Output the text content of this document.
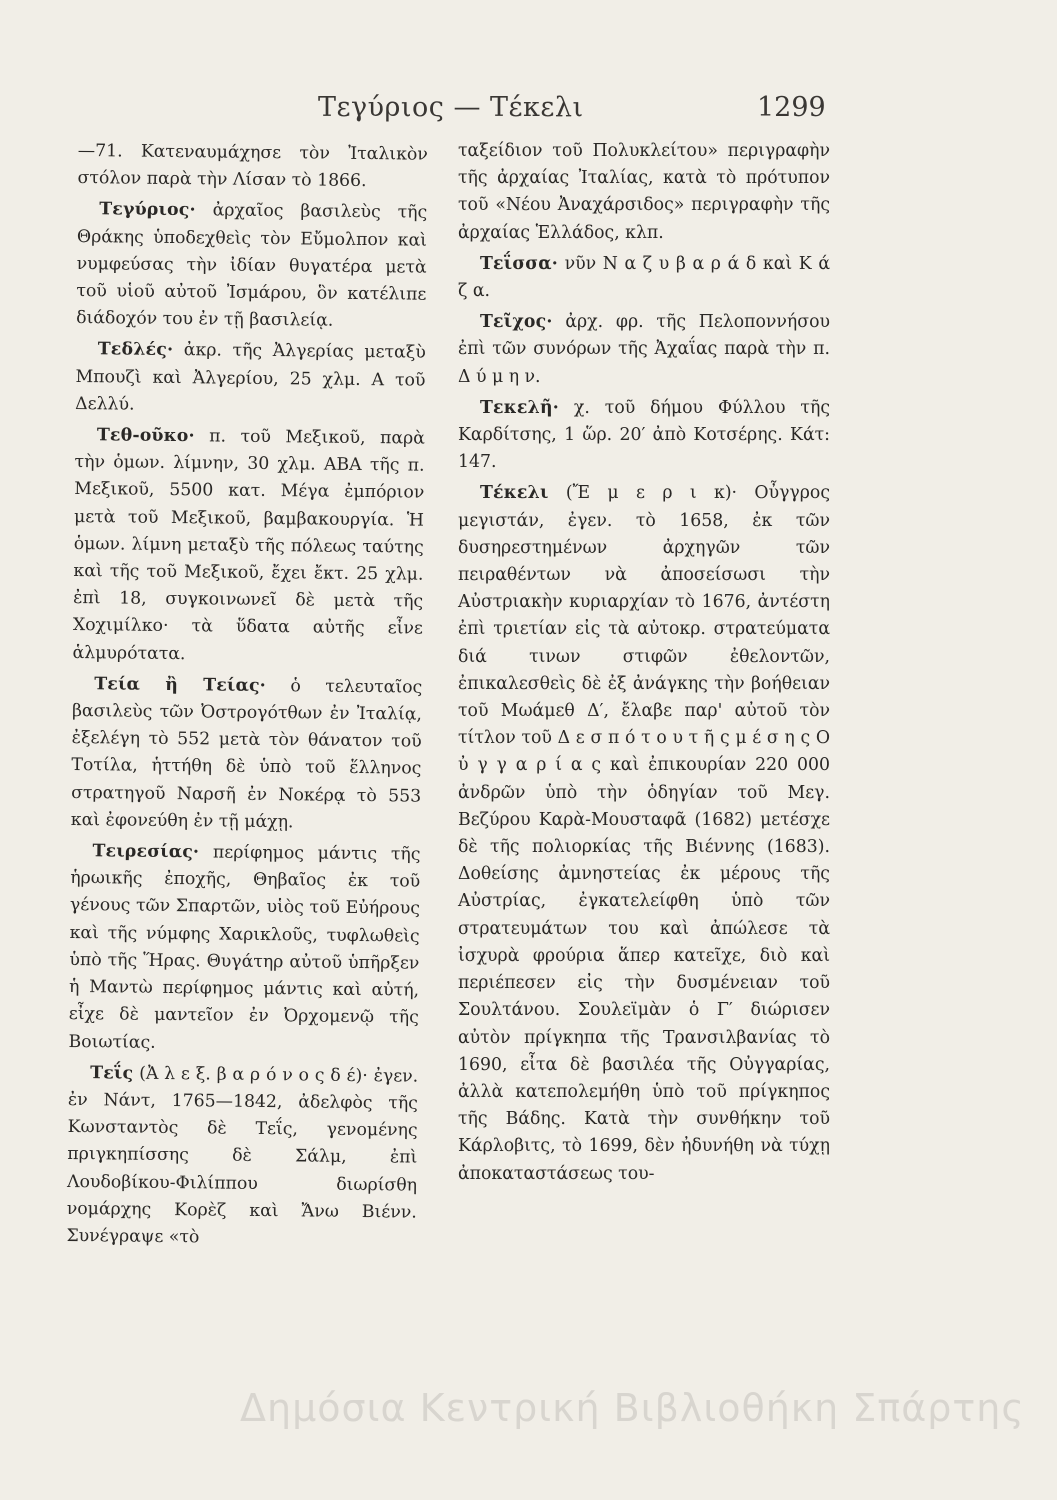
Τεγύριος — Τέκελι	1299

—71. Κατεναυμάχησε τὸν Ἰταλικὸν στόλον παρὰ τὴν Λίσαν τὸ 1866.

Τεγύριος· ἀρχαῖος βασιλεὺς τῆς Θράκης ὑποδεχθεὶς τὸν Εὔμολπον καὶ νυμφεύσας τὴν ἰδίαν θυγατέρα μετὰ τοῦ υἱοῦ αὐτοῦ Ἰσμάρου, ὃν κατέλιπε διάδοχόν του ἐν τῇ βασιλείᾳ.

Τεδλές· ἀκρ. τῆς Ἀλγερίας μεταξὺ Μπουζὶ καὶ Ἀλγερίου, 25 χλμ. Α τοῦ Δελλύ.

Τεθ-οῦκο· π. τοῦ Μεξικοῦ, παρὰ τὴν ὁμων. λίμνην, 30 χλμ. ΑΒΑ τῆς π. Μεξικοῦ, 5500 κατ. Μέγα ἐμπόριον μετὰ τοῦ Μεξικοῦ, βαμβακουργία. Ἡ ὁμων. λίμνη μεταξὺ τῆς πόλεως ταύτης καὶ τῆς τοῦ Μεξικοῦ, ἔχει ἔκτ. 25 χλμ. ἐπὶ 18, συγκοινωνεῖ δὲ μετὰ τῆς Χοχιμίλκο· τὰ ὕδατα αὐτῆς εἶνε ἁλμυρότατα.

Τεία ἢ Τείας· ὁ τελευταῖος βασιλεὺς τῶν Ὀστρογότθων ἐν Ἰταλίᾳ, ἐξελέγη τὸ 552 μετὰ τὸν θάνατον τοῦ Τοτίλα, ἡττήθη δὲ ὑπὸ τοῦ ἕλληνος στρατηγοῦ Ναρσῆ ἐν Νοκέρᾳ τὸ 553 καὶ ἐφονεύθη ἐν τῇ μάχῃ.

Τειρεσίας· περίφημος μάντις τῆς ἡρωικῆς ἐποχῆς, Θηβαῖος ἐκ τοῦ γένους τῶν Σπαρτῶν, υἱὸς τοῦ Εὐήρους καὶ τῆς νύμφης Χαρικλοῦς, τυφλωθεὶς ὑπὸ τῆς Ἥρας. Θυγάτηρ αὐτοῦ ὑπῆρξεν ἡ Μαντὼ περίφημος μάντις καὶ αὐτή, εἶχε δὲ μαντεῖον ἐν Ὀρχομενῷ τῆς Βοιωτίας.

Τεΐς (Ἀ λ ε ξ. β α ρ ό ν ο ς δ έ)· ἐγεν. ἐν Νάντ, 1765—1842, ἀδελφὸς τῆς Κωνσταντὸς δὲ Τεΐς, γενομένης πριγκηπίσσης δὲ Σάλμ, ἐπὶ Λουδοβίκου-Φιλίππου διωρίσθη νομάρχης Κορὲζ καὶ Ἄνω Βιένν. Συνέγραψε «τὸ

ταξείδιον τοῦ Πολυκλείτου» περιγραφὴν τῆς ἀρχαίας Ἰταλίας, κατὰ τὸ πρότυπον τοῦ «Νέου Ἀναχάρσιδος» περιγραφὴν τῆς ἀρχαίας Ἑλλάδος, κλπ.

Τεΐσσα· νῦν Ν α ζ υ β α ρ ά δ καὶ Κ ά ζ α.

Τεῖχος· ἀρχ. φρ. τῆς Πελοποννήσου ἐπὶ τῶν συνόρων τῆς Ἀχαΐας παρὰ τὴν π. Δ ύ μ η ν.

Τεκελῆ· χ. τοῦ δήμου Φύλλου τῆς Καρδίτσης, 1 ὥρ. 20′ ἀπὸ Κοτσέρης. Κάτ: 147.

Τέκελι (Ἔ μ ε ρ ι κ)· Οὖγγρος μεγιστάν, ἐγεν. τὸ 1658, ἐκ τῶν δυσηρεστημένων ἀρχηγῶν τῶν πειραθέντων νὰ ἀποσείσωσι τὴν Αὐστριακὴν κυριαρχίαν τὸ 1676, ἀντέστη ἐπὶ τριετίαν εἰς τὰ αὐτοκρ. στρατεύματα διά τινων στιφῶν ἐθελοντῶν, ἐπικαλεσθεὶς δὲ ἐξ ἀνάγκης τὴν βοήθειαν τοῦ Μωάμεθ Δ′, ἔλαβε παρ' αὐτοῦ τὸν τίτλον τοῦ Δ ε σ π ό τ ο υ τ ῆ ς μ έ σ η ς Ο ὐ γ γ α ρ ί α ς καὶ ἐπικουρίαν 220 000 ἀνδρῶν ὑπὸ τὴν ὁδηγίαν τοῦ Μεγ. Βεζύρου Καρὰ-Μουσταφᾶ (1682) μετέσχε δὲ τῆς πολιορκίας τῆς Βιέννης (1683). Δοθείσης ἀμνηστείας ἐκ μέρους τῆς Αὐστρίας, ἐγκατελείφθη ὑπὸ τῶν στρατευμάτων του καὶ ἀπώλεσε τὰ ἰσχυρὰ φρούρια ἅπερ κατεῖχε, διὸ καὶ περιέπεσεν εἰς τὴν δυσμένειαν τοῦ Σουλτάνου. Σουλεϊμὰν ὁ Γ′ διώρισεν αὐτὸν πρίγκηπα τῆς Τρανσιλβανίας τὸ 1690, εἶτα δὲ βασιλέα τῆς Οὐγγαρίας, ἀλλὰ κατεπολεμήθη ὑπὸ τοῦ πρίγκηπος τῆς Βάδης. Κατὰ τὴν συνθήκην τοῦ Κάρλοβιτς, τὸ 1699, δὲν ἠδυνήθη νὰ τύχῃ ἀποκαταστάσεως του-

Δημόσια Κεντρική Βιβλιοθήκη Σπάρτης
